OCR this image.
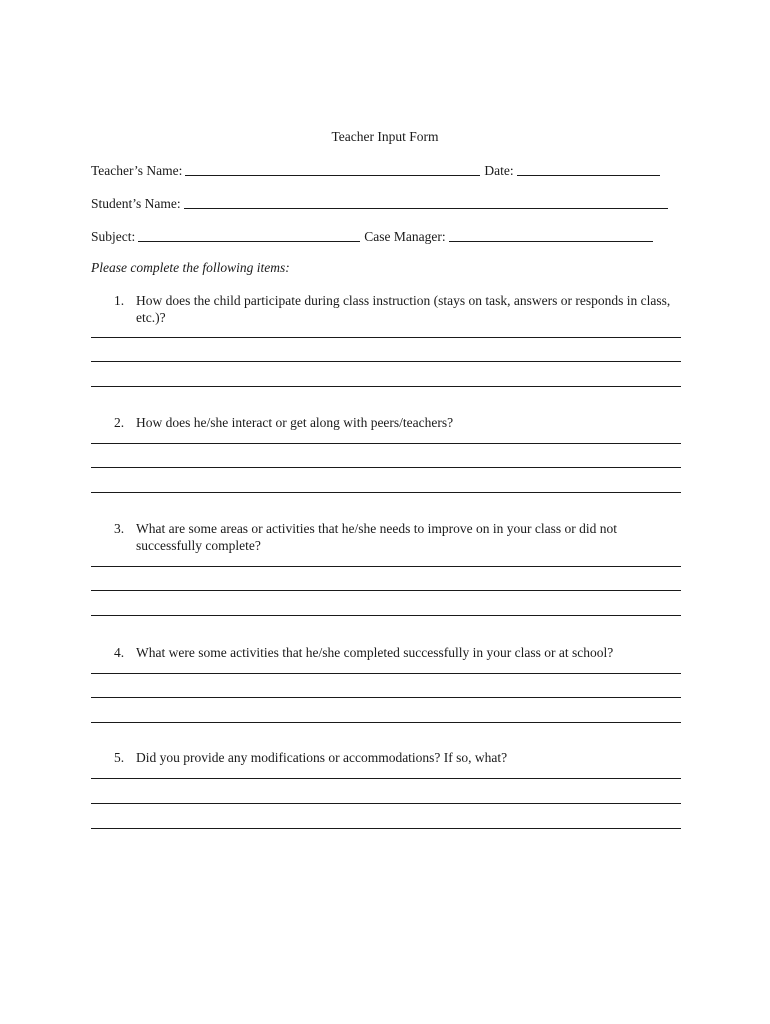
Teacher Input Form
Teacher’s Name:	Date:
Student’s Name:
Subject:	Case Manager:
Please complete the following items:
1. How does the child participate during class instruction (stays on task, answers or responds in class, etc.)?
2. How does he/she interact or get along with peers/teachers?
3. What are some areas or activities that he/she needs to improve on in your class or did not successfully complete?
4. What were some activities that he/she completed successfully in your class or at school?
5. Did you provide any modifications or accommodations? If so, what?
